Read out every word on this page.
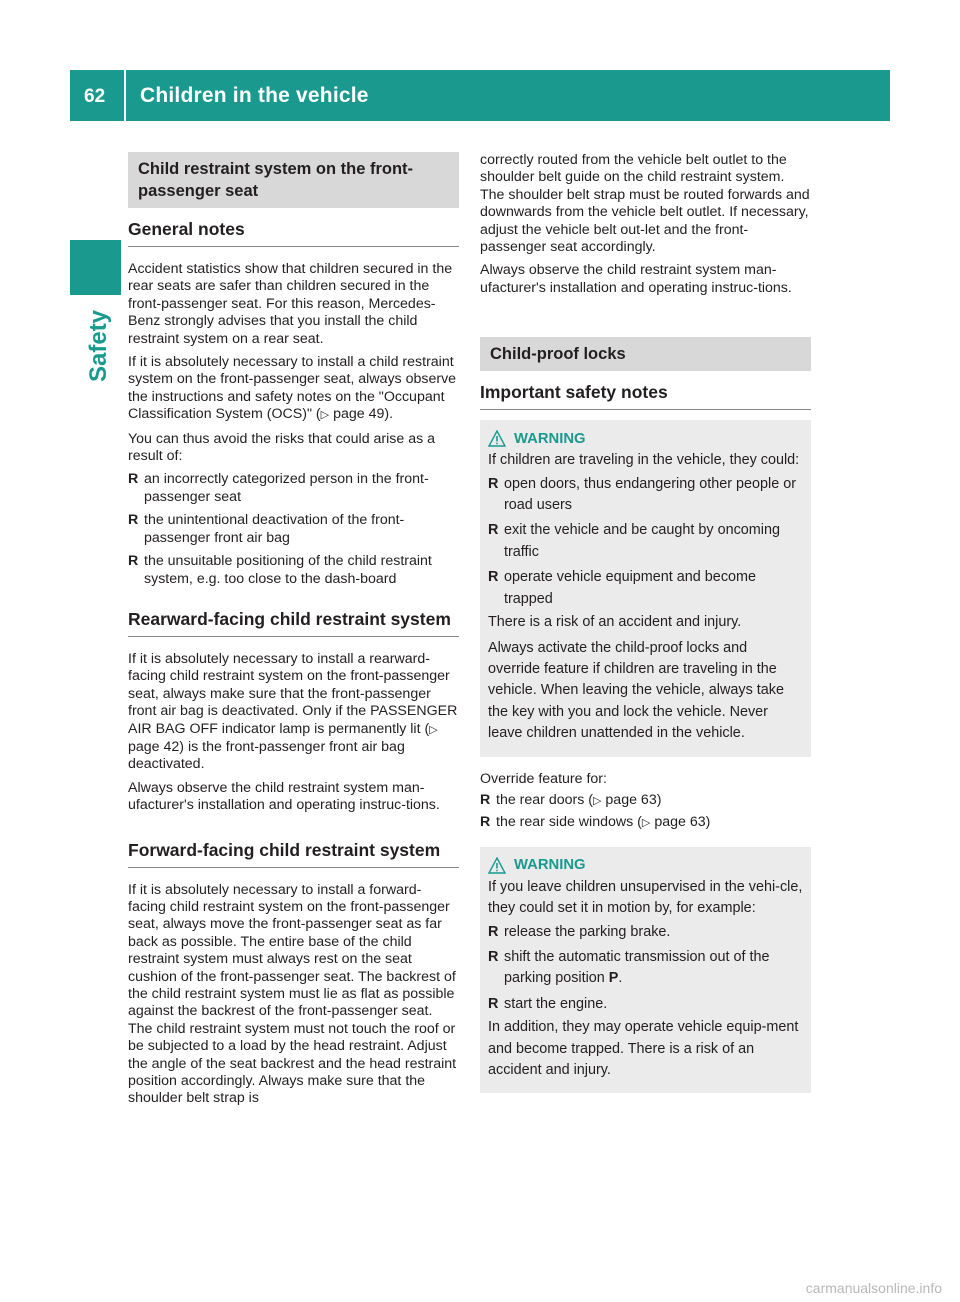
62 Children in the vehicle
Safety
Child restraint system on the front-passenger seat
General notes

Accident statistics show that children secured in the rear seats are safer than children secured in the front-passenger seat. For this reason, Mercedes-Benz strongly advises that you install the child restraint system on a rear seat.

If it is absolutely necessary to install a child restraint system on the front-passenger seat, always observe the instructions and safety notes on the "Occupant Classification System (OCS)" (▷ page 49).

You can thus avoid the risks that could arise as a result of:

R an incorrectly categorized person in the front-passenger seat
R the unintentional deactivation of the front-passenger front air bag
R the unsuitable positioning of the child restraint system, e.g. too close to the dash-board
Rearward-facing child restraint system

If it is absolutely necessary to install a rearward-facing child restraint system on the front-passenger seat, always make sure that the front-passenger front air bag is deactivated. Only if the PASSENGER AIR BAG OFF indicator lamp is permanently lit (▷ page 42) is the front-passenger front air bag deactivated.

Always observe the child restraint system man-ufacturer's installation and operating instruc-tions.

Forward-facing child restraint system

If it is absolutely necessary to install a forward-facing child restraint system on the front-passenger seat, always move the front-passenger seat as far back as possible. The entire base of the child restraint system must always rest on the seat cushion of the front-passenger seat. The backrest of the child restraint system must lie as flat as possible against the backrest of the front-passenger seat. The child restraint system must not touch the roof or be subjected to a load by the head restraint. Adjust the angle of the seat backrest and the head restraint position accordingly. Always make sure that the shoulder belt strap is

correctly routed from the vehicle belt outlet to the shoulder belt guide on the child restraint system. The shoulder belt strap must be routed forwards and downwards from the vehicle belt outlet. If necessary, adjust the vehicle belt out-let and the front-passenger seat accordingly.

Always observe the child restraint system man-ufacturer's installation and operating instruc-tions.

Child-proof locks
Important safety notes
WARNING

If children are traveling in the vehicle, they could:

R open doors, thus endangering other people or road users
R exit the vehicle and be caught by oncoming traffic
R operate vehicle equipment and become trapped

There is a risk of an accident and injury.

Always activate the child-proof locks and override feature if children are traveling in the vehicle. When leaving the vehicle, always take the key with you and lock the vehicle. Never leave children unattended in the vehicle.

Override feature for:

R the rear doors (▷ page 63)
R the rear side windows (▷ page 63)
WARNING

If you leave children unsupervised in the vehi-cle, they could set it in motion by, for example:

R release the parking brake.
R shift the automatic transmission out of the parking position P.
R start the engine.

In addition, they may operate vehicle equip-ment and become trapped. There is a risk of an accident and injury.

carmanualsonline.info
